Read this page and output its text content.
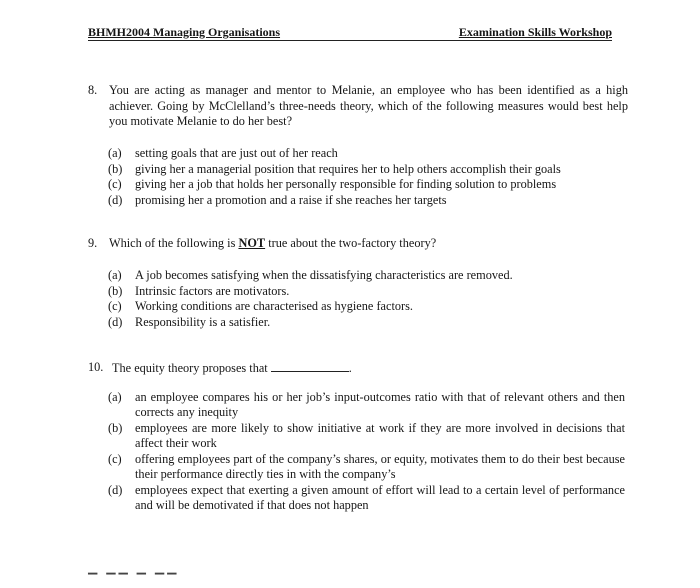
BHMH2004 Managing Organisations	Examination Skills Workshop
8. You are acting as manager and mentor to Melanie, an employee who has been identified as a high achiever. Going by McClelland’s three-needs theory, which of the following measures would best help you motivate Melanie to do her best?
(a)	setting goals that are just out of her reach
(b)	giving her a managerial position that requires her to help others accomplish their goals
(c)	giving her a job that holds her personally responsible for finding solution to problems
(d)	promising her a promotion and a raise if she reaches her targets
9. Which of the following is NOT true about the two-factory theory?
(a)	A job becomes satisfying when the dissatisfying characteristics are removed.
(b)	Intrinsic factors are motivators.
(c)	Working conditions are characterised as hygiene factors.
(d)	Responsibility is a satisfier.
10. The equity theory proposes that	.
(a)	an employee compares his or her job’s input-outcomes ratio with that of relevant others and then corrects any inequity
(b)	employees are more likely to show initiative at work if they are more involved in decisions that affect their work
(c)	offering employees part of the company’s shares, or equity, motivates them to do their best because their performance directly ties in with the company’s
(d)	employees expect that exerting a given amount of effort will lead to a certain level of performance and will be demotivated if that does not happen
▔ ▔▔ ▔ ▔▔
